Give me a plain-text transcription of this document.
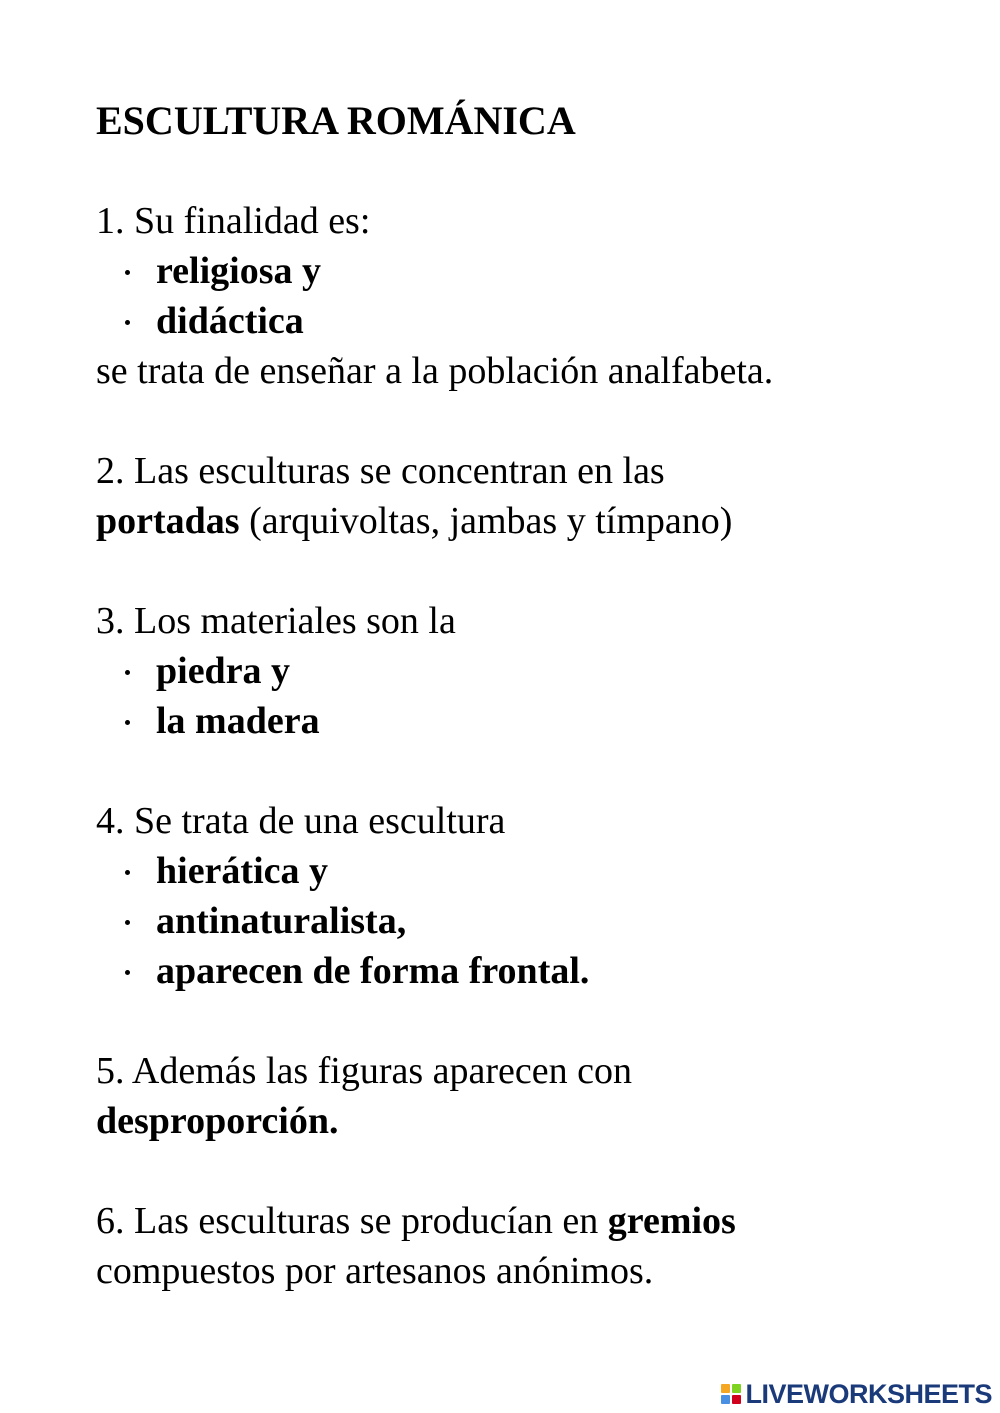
ESCULTURA ROMÁNICA
1. Su finalidad es:
religiosa y
didáctica
se trata de enseñar a la población analfabeta.
2. Las esculturas se concentran en las
portadas (arquivoltas, jambas y tímpano)
3. Los materiales son la
piedra y
la madera
4. Se trata de una escultura
hierática y
antinaturalista,
aparecen de forma frontal.
5. Además las figuras aparecen con
desproporción.
6. Las esculturas se producían en gremios
compuestos por artesanos anónimos.
LIVEWORKSHEETS
